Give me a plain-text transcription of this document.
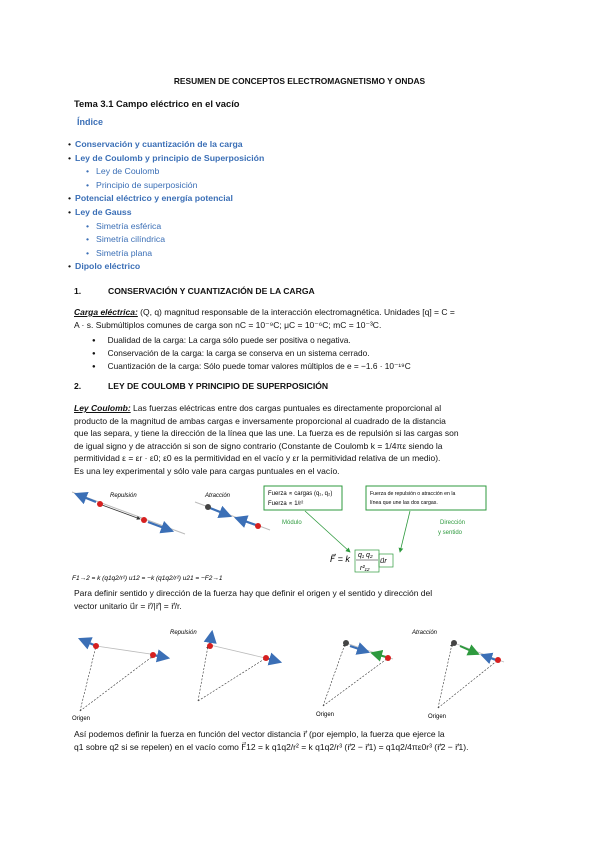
RESUMEN DE CONCEPTOS ELECTROMAGNETISMO Y ONDAS
Tema 3.1 Campo eléctrico en el vacío
Índice
• Conservación y cuantización de la carga
• Ley de Coulomb y principio de Superposición
• Ley de Coulomb
• Principio de superposición
• Potencial eléctrico y energía potencial
• Ley de Gauss
• Simetría esférica
• Simetría cilíndrica
• Simetría plana
• Dipolo eléctrico
1.	CONSERVACIÓN Y CUANTIZACIÓN DE LA CARGA
Carga eléctrica: (Q, q) magnitud responsable de la interacción electromagnética. Unidades [q] = C =
A · s. Submúltiplos comunes de carga son nC = 10⁻⁹C; μC = 10⁻⁶C; mC = 10⁻³C.
● Dualidad de la carga: La carga sólo puede ser positiva o negativa.
● Conservación de la carga: la carga se conserva en un sistema cerrado.
● Cuantización de la carga: Sólo puede tomar valores múltiplos de e = −1.6 · 10⁻¹⁹C
2.	LEY DE COULOMB Y PRINCIPIO DE SUPERPOSICIÓN
Ley Coulomb: Las fuerzas eléctricas entre dos cargas puntuales es directamente proporcional al
producto de la magnitud de ambas cargas e inversamente proporcional al cuadrado de la distancia
que las separa, y tiene la dirección de la línea que las une. La fuerza es de repulsión si las cargas son
de igual signo y de atracción si son de signo contrario (Constante de Coulomb k = 1/4πε siendo la
permitividad ε = εr · ε0; ε0 es la permitividad en el vacío y εr la permitividad relativa de un medio).
Es una ley experimental y sólo vale para cargas puntuales en el vacío.
Repulsión	Atracción	Fuerza ∝ cargas (q₁, q₂)
Fuerza ∝ 1/r²
Módulo
Fuerza de repulsión o atracción en la
línea que une las dos cargas.
Dirección
y sentido
F⃗ = k q₁ q₂
r²₁₂
u⃗r
F1→2 = k (q1q2/r²) u12 = −k (q1q2/r²) u21 = −F2→1
Para definir sentido y dirección de la fuerza hay que definir el origen y el sentido y dirección del
vector unitario u⃗r = r⃗/|r⃗| = r⃗/r.
Repulsión
Origen
Atracción
Origen	Origen
Así podemos definir la fuerza en función del vector distancia r⃗ (por ejemplo, la fuerza que ejerce la
q1 sobre q2 si se repelen) en el vacío como F⃗12 = k q1q2/r² = k q1q2/r³ (r⃗2 − r⃗1) = q1q2/4πε0r³ (r⃗2 − r⃗1).
